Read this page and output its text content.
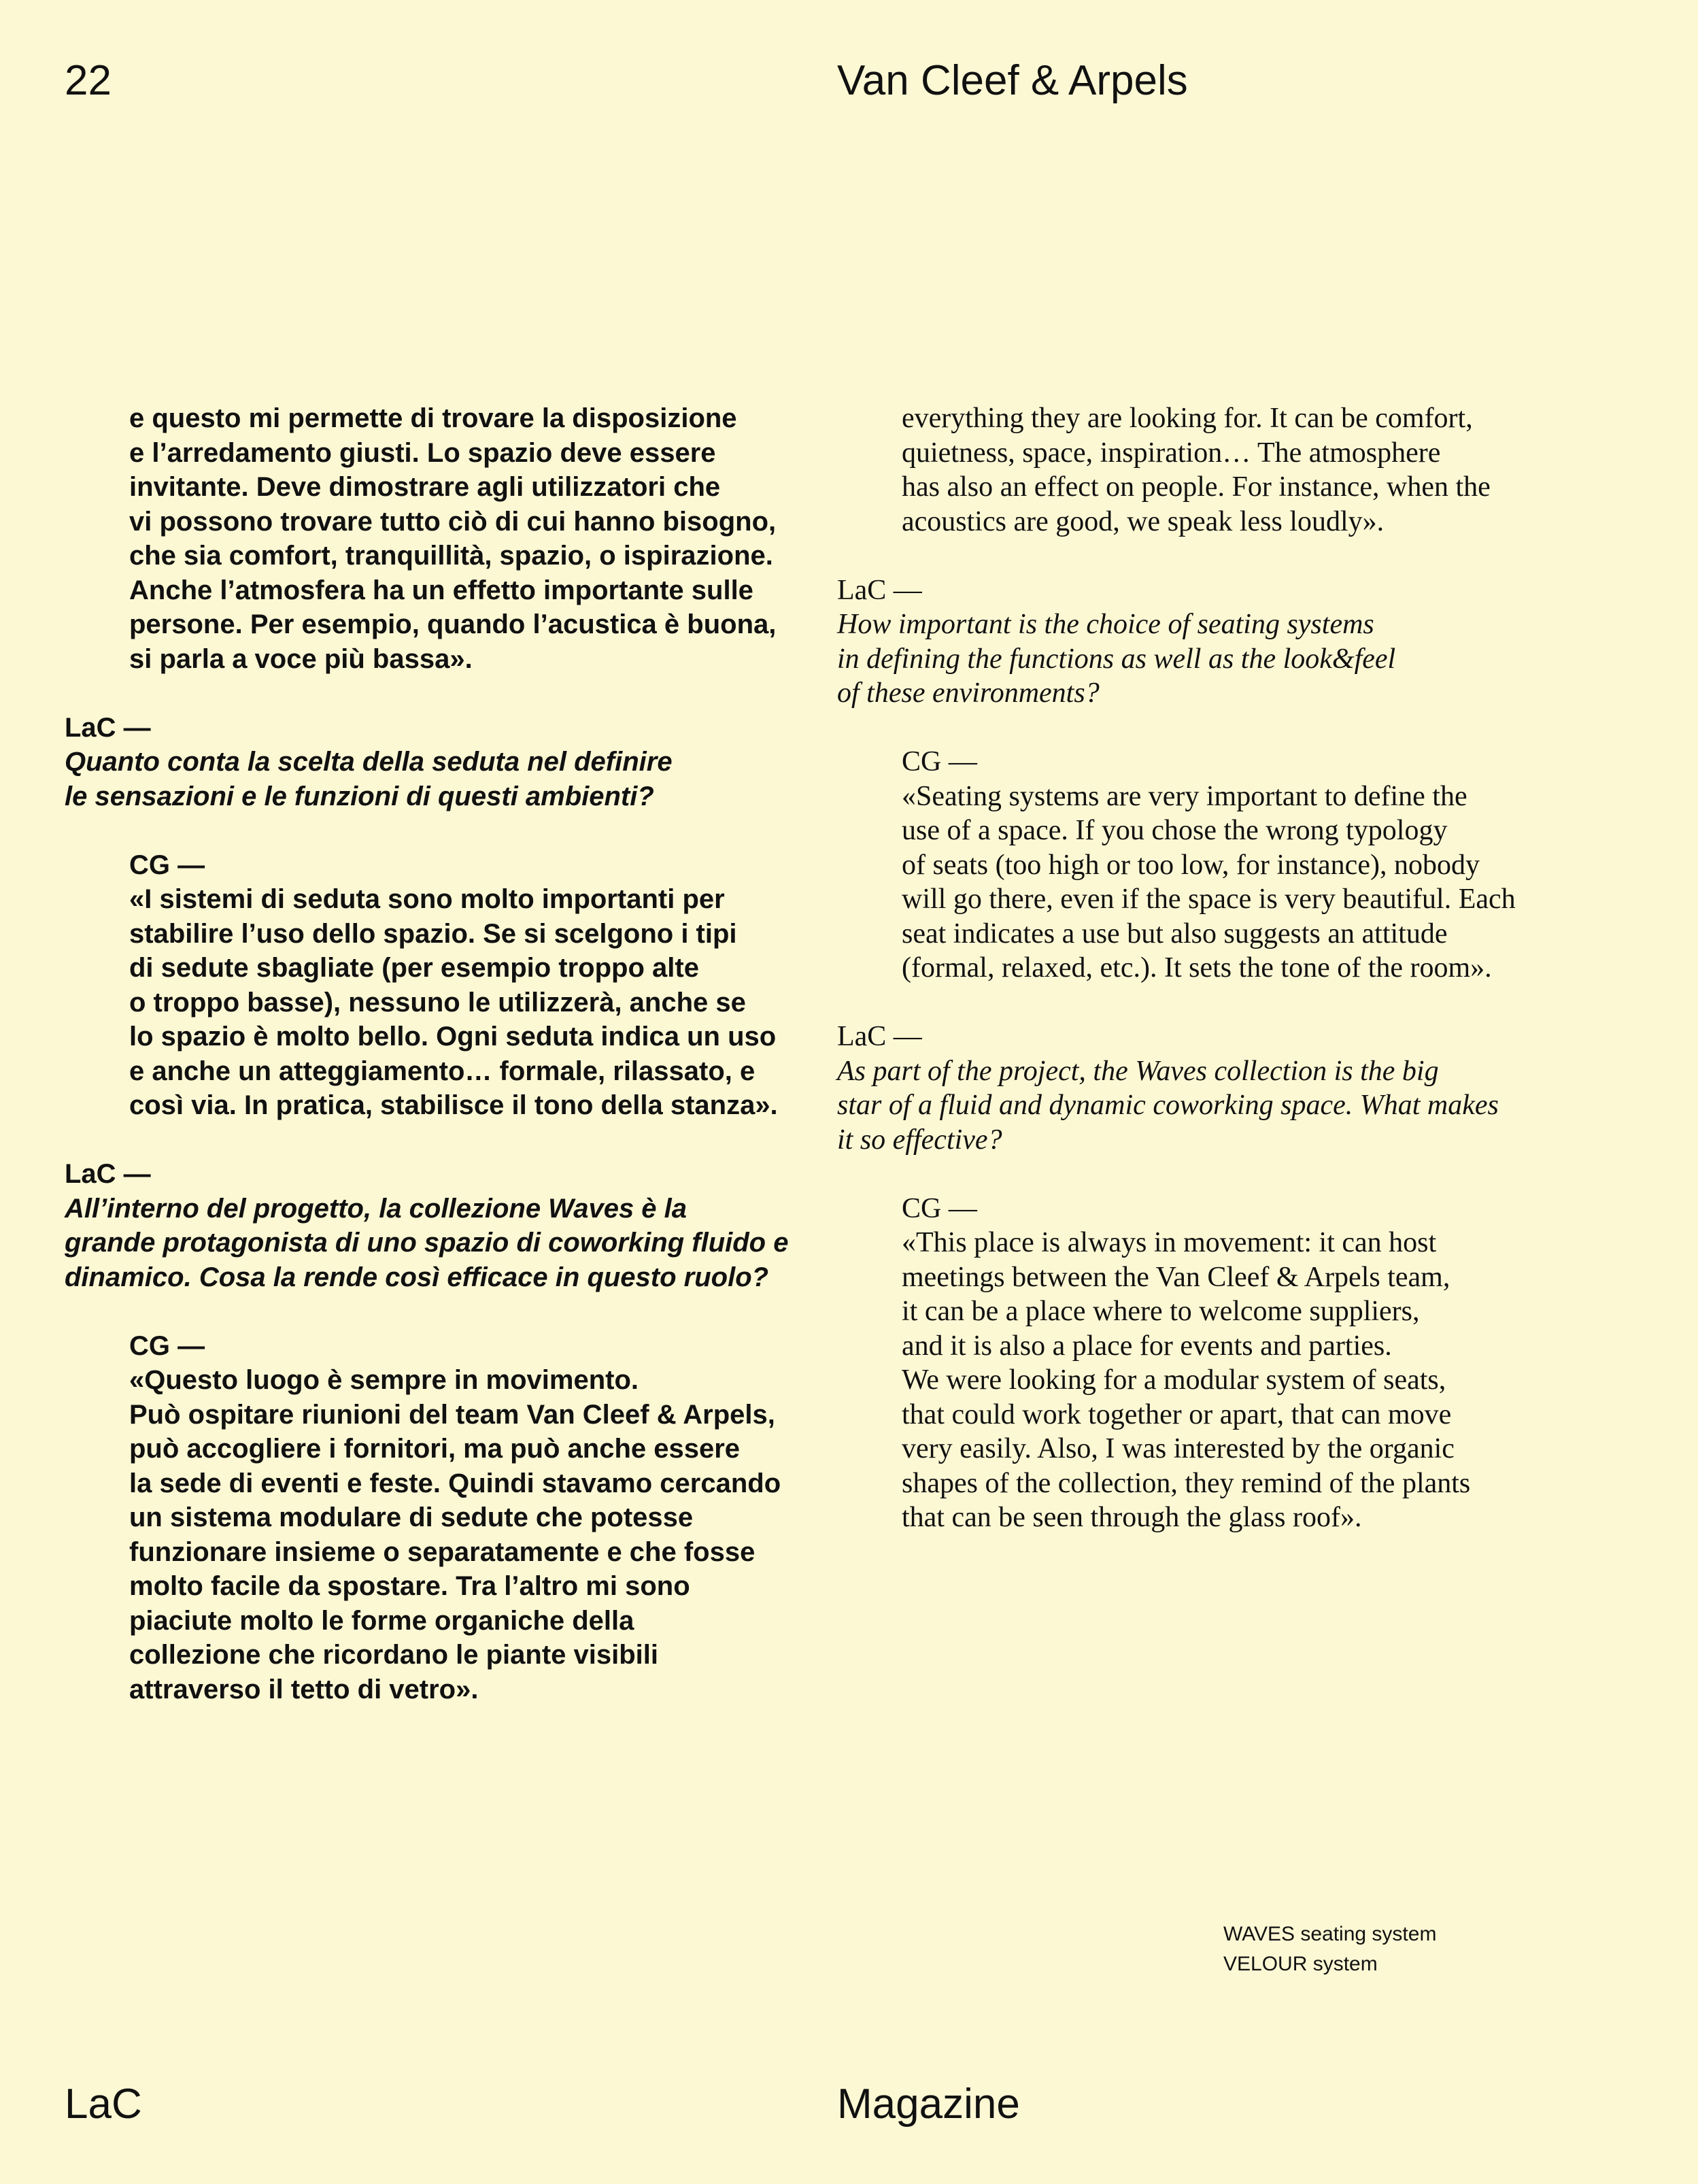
22	Van Cleef & Arpels
e questo mi permette di trovare la disposizione
e l’arredamento giusti. Lo spazio deve essere
invitante. Deve dimostrare agli utilizzatori che
vi possono trovare tutto ciò di cui hanno bisogno,
che sia comfort, tranquillità, spazio, o ispirazione.
Anche l’atmosfera ha un effetto importante sulle
persone. Per esempio, quando l’acustica è buona,
si parla a voce più bassa».
LaC —
Quanto conta la scelta della seduta nel definire
le sensazioni e le funzioni di questi ambienti?
CG —
«I sistemi di seduta sono molto importanti per
stabilire l’uso dello spazio. Se si scelgono i tipi
di sedute sbagliate (per esempio troppo alte
o troppo basse), nessuno le utilizzerà, anche se
lo spazio è molto bello. Ogni seduta indica un uso
e anche un atteggiamento… formale, rilassato, e
così via. In pratica, stabilisce il tono della stanza».
LaC —
All’interno del progetto, la collezione Waves è la
grande protagonista di uno spazio di coworking fluido e
dinamico. Cosa la rende così efficace in questo ruolo?
CG —
«Questo luogo è sempre in movimento.
Può ospitare riunioni del team Van Cleef & Arpels,
può accogliere i fornitori, ma può anche essere
la sede di eventi e feste. Quindi stavamo cercando
un sistema modulare di sedute che potesse
funzionare insieme o separatamente e che fosse
molto facile da spostare. Tra l’altro mi sono
piaciute molto le forme organiche della
collezione che ricordano le piante visibili
attraverso il tetto di vetro».
everything they are looking for. It can be comfort,
quietness, space, inspiration… The atmosphere
has also an effect on people. For instance, when the
acoustics are good, we speak less loudly».
LaC —
How important is the choice of seating systems
in defining the functions as well as the look&feel
of these environments?
CG —
«Seating systems are very important to define the
use of a space. If you chose the wrong typology
of seats (too high or too low, for instance), nobody
will go there, even if the space is very beautiful. Each
seat indicates a use but also suggests an attitude
(formal, relaxed, etc.). It sets the tone of the room».
LaC —
As part of the project, the Waves collection is the big
star of a fluid and dynamic coworking space. What makes
it so effective?
CG —
«This place is always in movement: it can host
meetings between the Van Cleef & Arpels team,
it can be a place where to welcome suppliers,
and it is also a place for events and parties.
We were looking for a modular system of seats,
that could work together or apart, that can move
very easily. Also, I was interested by the organic
shapes of the collection, they remind of the plants
that can be seen through the glass roof».
WAVES seating system
VELOUR system
LaC	Magazine
